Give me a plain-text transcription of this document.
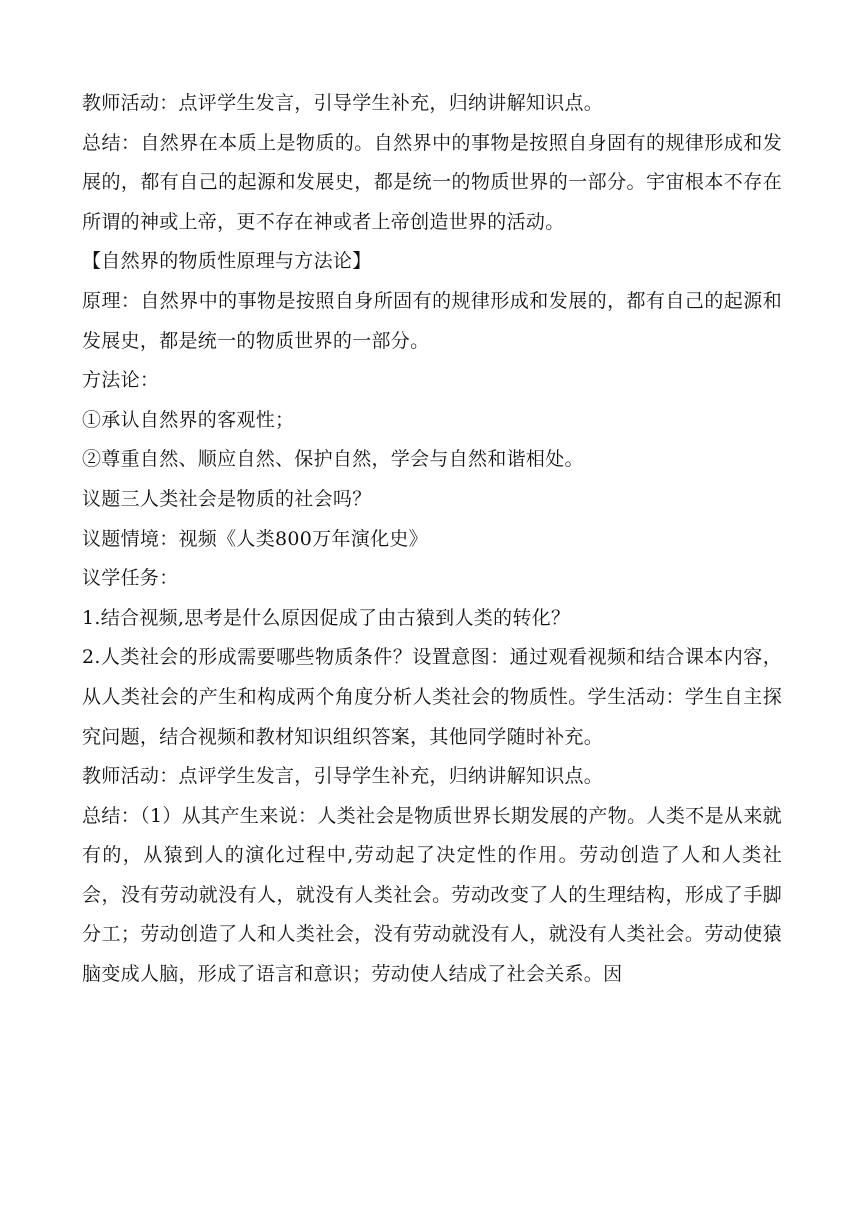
教师活动：点评学生发言，引导学生补充，归纳讲解知识点。

总结：自然界在本质上是物质的。自然界中的事物是按照自身固有的规律形成和发展的，都有自己的起源和发展史，都是统一的物质世界的一部分。宇宙根本不存在所谓的神或上帝，更不存在神或者上帝创造世界的活动。

【自然界的物质性原理与方法论】

原理：自然界中的事物是按照自身所固有的规律形成和发展的，都有自己的起源和发展史，都是统一的物质世界的一部分。

方法论：

①承认自然界的客观性；

②尊重自然、顺应自然、保护自然，学会与自然和谐相处。

议题三人类社会是物质的社会吗？

议题情境：视频《人类800万年演化史》

议学任务：

1.结合视频,思考是什么原因促成了由古猿到人类的转化？

2.人类社会的形成需要哪些物质条件？设置意图：通过观看视频和结合课本内容，从人类社会的产生和构成两个角度分析人类社会的物质性。学生活动：学生自主探究问题，结合视频和教材知识组织答案，其他同学随时补充。

教师活动：点评学生发言，引导学生补充，归纳讲解知识点。

总结：（1）从其产生来说：人类社会是物质世界长期发展的产物。人类不是从来就有的，从猿到人的演化过程中,劳动起了决定性的作用。劳动创造了人和人类社会，没有劳动就没有人，就没有人类社会。劳动改变了人的生理结构，形成了手脚分工；劳动创造了人和人类社会，没有劳动就没有人，就没有人类社会。劳动使猿脑变成人脑，形成了语言和意识；劳动使人结成了社会关系。因
